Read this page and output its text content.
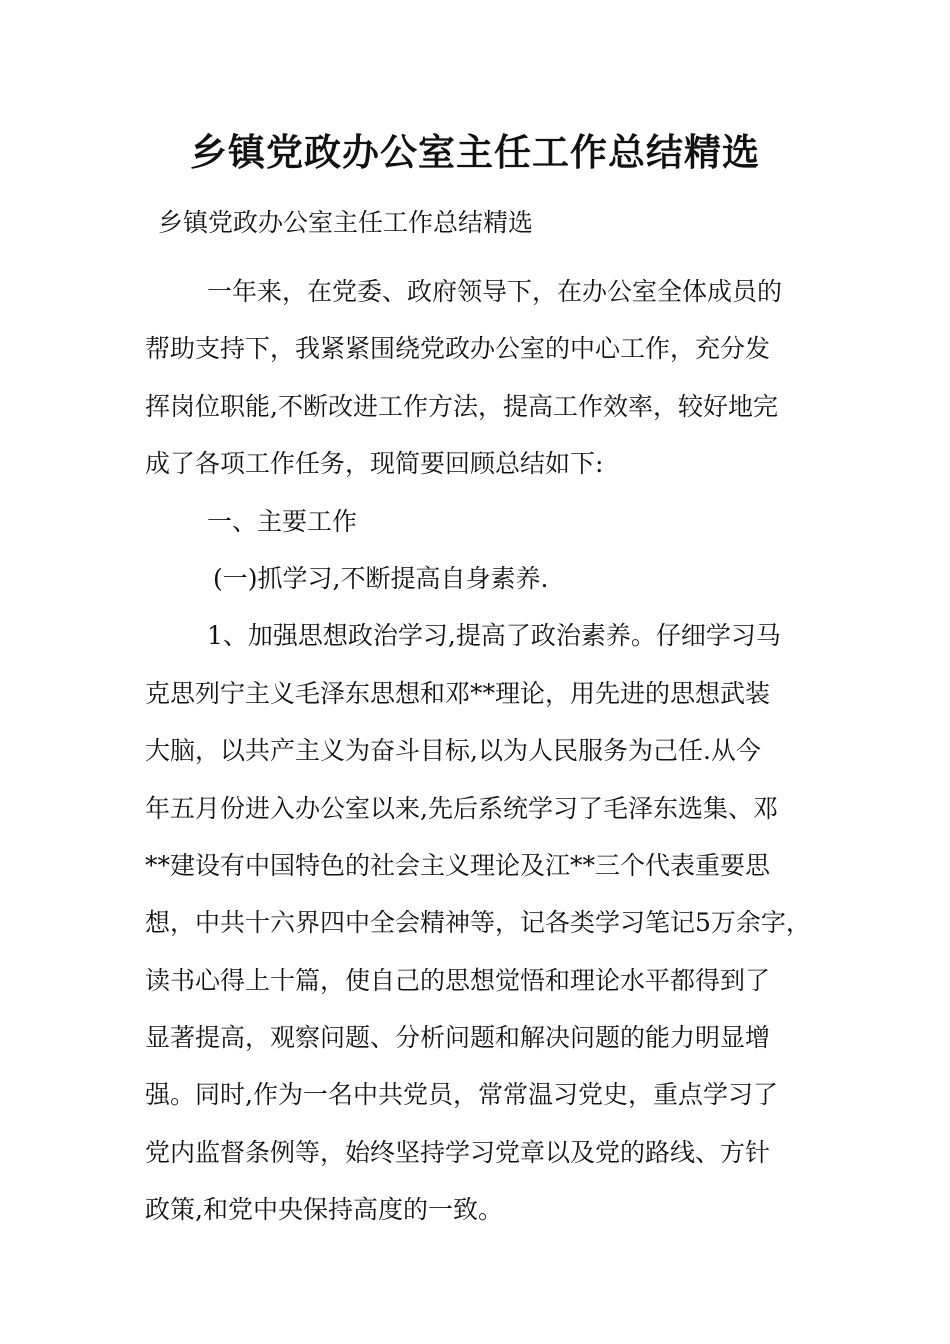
乡镇党政办公室主任工作总结精选
乡镇党政办公室主任工作总结精选
一年来，在党委、政府领导下，在办公室全体成员的
帮助支持下，我紧紧围绕党政办公室的中心工作，充分发
挥岗位职能,不断改进工作方法，提高工作效率，较好地完
成了各项工作任务，现简要回顾总结如下:
一、主要工作
(一)抓学习,不断提高自身素养.
1、加强思想政治学习,提高了政治素养。仔细学习马
克思列宁主义毛泽东思想和邓**理论，用先进的思想武装
大脑，以共产主义为奋斗目标,以为人民服务为己任.从今
年五月份进入办公室以来,先后系统学习了毛泽东选集、邓
**建设有中国特色的社会主义理论及江**三个代表重要思
想，中共十六界四中全会精神等，记各类学习笔记5万余字，
读书心得上十篇，使自己的思想觉悟和理论水平都得到了
显著提高，观察问题、分析问题和解决问题的能力明显增
强。同时,作为一名中共党员，常常温习党史，重点学习了
党内监督条例等，始终坚持学习党章以及党的路线、方针
政策,和党中央保持高度的一致。
